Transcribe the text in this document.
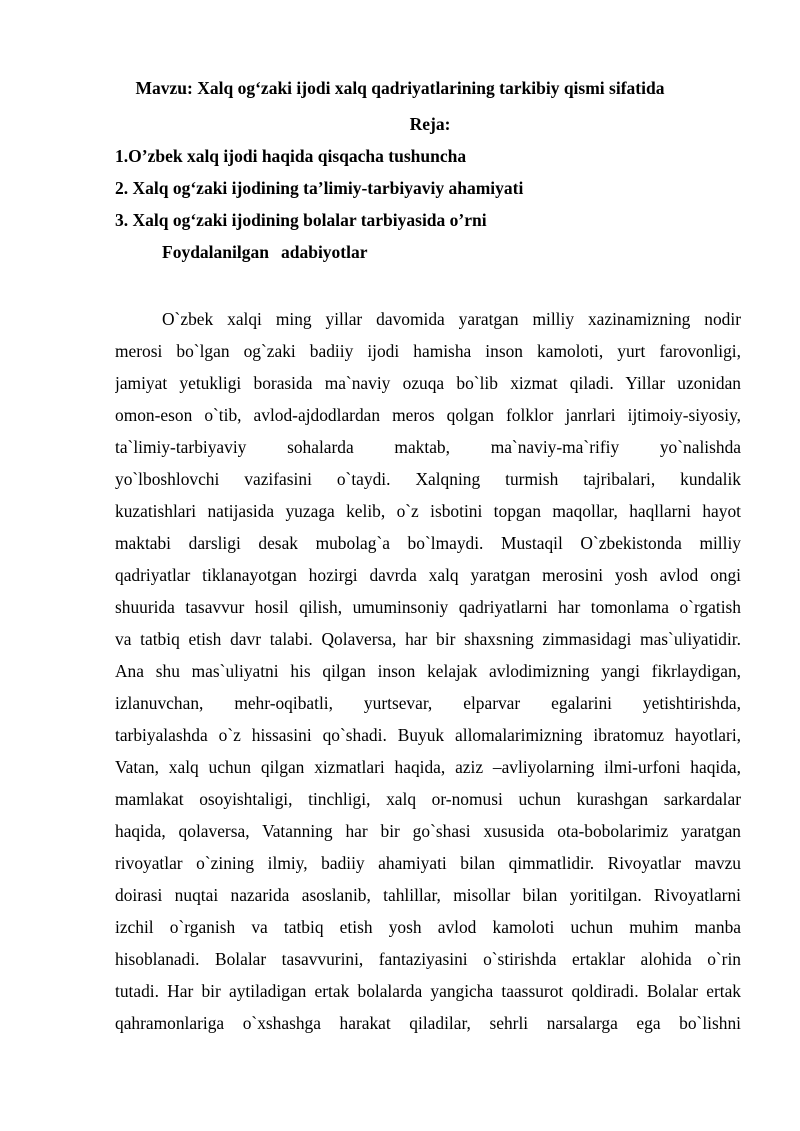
Mavzu: Xalq og‘zaki ijodi xalq qadriyatlarining tarkibiy qismi sifatida
Reja:
1.O’zbek xalq ijodi haqida qisqacha tushuncha
2. Xalq og‘zaki ijodining ta’limiy-tarbiyaviy ahamiyati
3. Xalq og‘zaki ijodining bolalar tarbiyasida o’rni
Foydalanilgan adabiyotlar
O`zbek xalqi ming yillar davomida yaratgan milliy xazinamizning nodir
merosi bo`lgan og`zaki badiiy ijodi hamisha inson kamoloti, yurt farovonligi,
jamiyat yetukligi borasida ma`naviy ozuqa bo`lib xizmat qiladi. Yillar uzonidan
omon-eson o`tib, avlod-ajdodlardan meros qolgan folklor janrlari ijtimoiy-siyosiy,
ta`limiy-tarbiyaviy sohalarda maktab, ma`naviy-ma`rifiy yo`nalishda
yo`lboshlovchi vazifasini o`taydi. Xalqning turmish tajribalari, kundalik
kuzatishlari natijasida yuzaga kelib, o`z isbotini topgan maqollar, haqllarni hayot
maktabi darsligi desak mubolag`a bo`lmaydi. Mustaqil O`zbekistonda milliy
qadriyatlar tiklanayotgan hozirgi davrda xalq yaratgan merosini yosh avlod ongi
shuurida tasavvur hosil qilish, umuminsoniy qadriyatlarni har tomonlama o`rgatish
va tatbiq etish davr talabi. Qolaversa, har bir shaxsning zimmasidagi mas`uliyatidir.
Ana shu mas`uliyatni his qilgan inson kelajak avlodimizning yangi fikrlaydigan,
izlanuvchan, mehr-oqibatli, yurtsevar, elparvar egalarini yetishtirishda,
tarbiyalashda o`z hissasini qo`shadi. Buyuk allomalarimizning ibratomuz hayotlari,
Vatan, xalq uchun qilgan xizmatlari haqida, aziz –avliyolarning ilmi-urfoni haqida,
mamlakat osoyishtaligi, tinchligi, xalq or-nomusi uchun kurashgan sarkardalar
haqida, qolaversa, Vatanning har bir go`shasi xususida ota-bobolarimiz yaratgan
rivoyatlar o`zining ilmiy, badiiy ahamiyati bilan qimmatlidir. Rivoyatlar mavzu
doirasi nuqtai nazarida asoslanib, tahlillar, misollar bilan yoritilgan. Rivoyatlarni
izchil o`rganish va tatbiq etish yosh avlod kamoloti uchun muhim manba
hisoblanadi. Bolalar tasavvurini, fantaziyasini o`stirishda ertaklar alohida o`rin
tutadi. Har bir aytiladigan ertak bolalarda yangicha taassurot qoldiradi. Bolalar ertak
qahramonlariga o`xshashga harakat qiladilar, sehrli narsalarga ega bo`lishni
